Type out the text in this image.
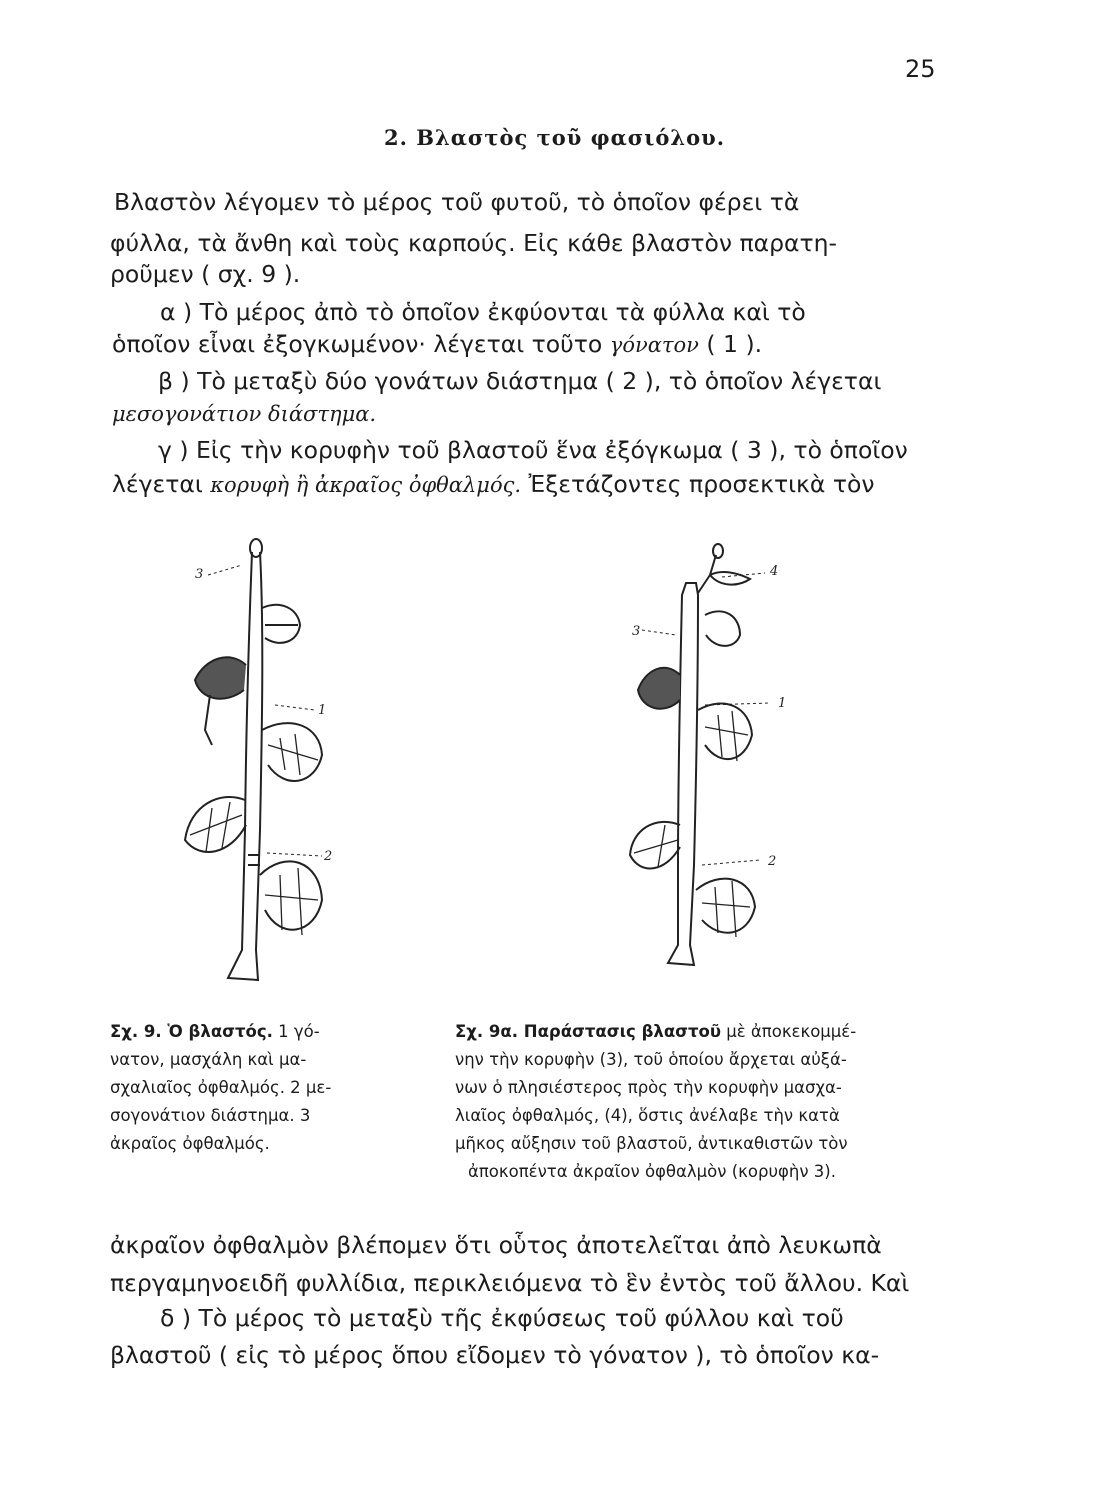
25
2. Βλαστὸς τοῦ φασιόλου.
Βλαστὸν λέγομεν τὸ μέρος τοῦ φυτοῦ, τὸ ὁποῖον φέρει τὰ
φύλλα, τὰ ἄνθη καὶ τοὺς καρπούς. Εἰς κάθε βλαστὸν παρατη-
ροῦμεν ( σχ. 9 ).
α ) Τὸ μέρος ἀπὸ τὸ ὁποῖον ἐκφύονται τὰ φύλλα καὶ τὸ
ὁποῖον εἶναι ἐξογκωμένον· λέγεται τοῦτο γόνατον ( 1 ).
β ) Τὸ μεταξὺ δύο γονάτων διάστημα ( 2 ), τὸ ὁποῖον λέγεται
μεσογονάτιον διάστημα.
γ ) Εἰς τὴν κορυφὴν τοῦ βλαστοῦ ἕνα ἐξόγκωμα ( 3 ), τὸ ὁποῖον
λέγεται κορυφὴ ἢ ἀκραῖος ὀφθαλμός. Ἐξετάζοντες προσεκτικὰ τὸν
3
1
2
4
3
1
2
Σχ. 9. Ὁ βλαστός. 1 γό-
νατον, μασχάλη καὶ μα-
σχαλιαῖος ὀφθαλμός. 2 με-
σογονάτιον διάστημα. 3
ἀκραῖος ὀφθαλμός.
Σχ. 9α. Παράστασις βλαστοῦ μὲ ἀποκεκομμέ-
νην τὴν κορυφὴν (3), τοῦ ὁποίου ἄρχεται αὐξά-
νων ὁ πλησιέστερος πρὸς τὴν κορυφὴν μασχα-
λιαῖος ὀφθαλμός, (4), ὅστις ἀνέλαβε τὴν κατὰ
μῆκος αὔξησιν τοῦ βλαστοῦ, ἀντικαθιστῶν τὸν
ἀποκοπέντα ἀκραῖον ὀφθαλμὸν (κορυφὴν 3).
ἀκραῖον ὀφθαλμὸν βλέπομεν ὅτι οὗτος ἀποτελεῖται ἀπὸ λευκωπὰ
περγαμηνοειδῆ φυλλίδια, περικλειόμενα τὸ ἓν ἐντὸς τοῦ ἄλλου. Καὶ
δ ) Τὸ μέρος τὸ μεταξὺ τῆς ἐκφύσεως τοῦ φύλλου καὶ τοῦ
βλαστοῦ ( εἰς τὸ μέρος ὅπου εἴδομεν τὸ γόνατον ), τὸ ὁποῖον κα-
